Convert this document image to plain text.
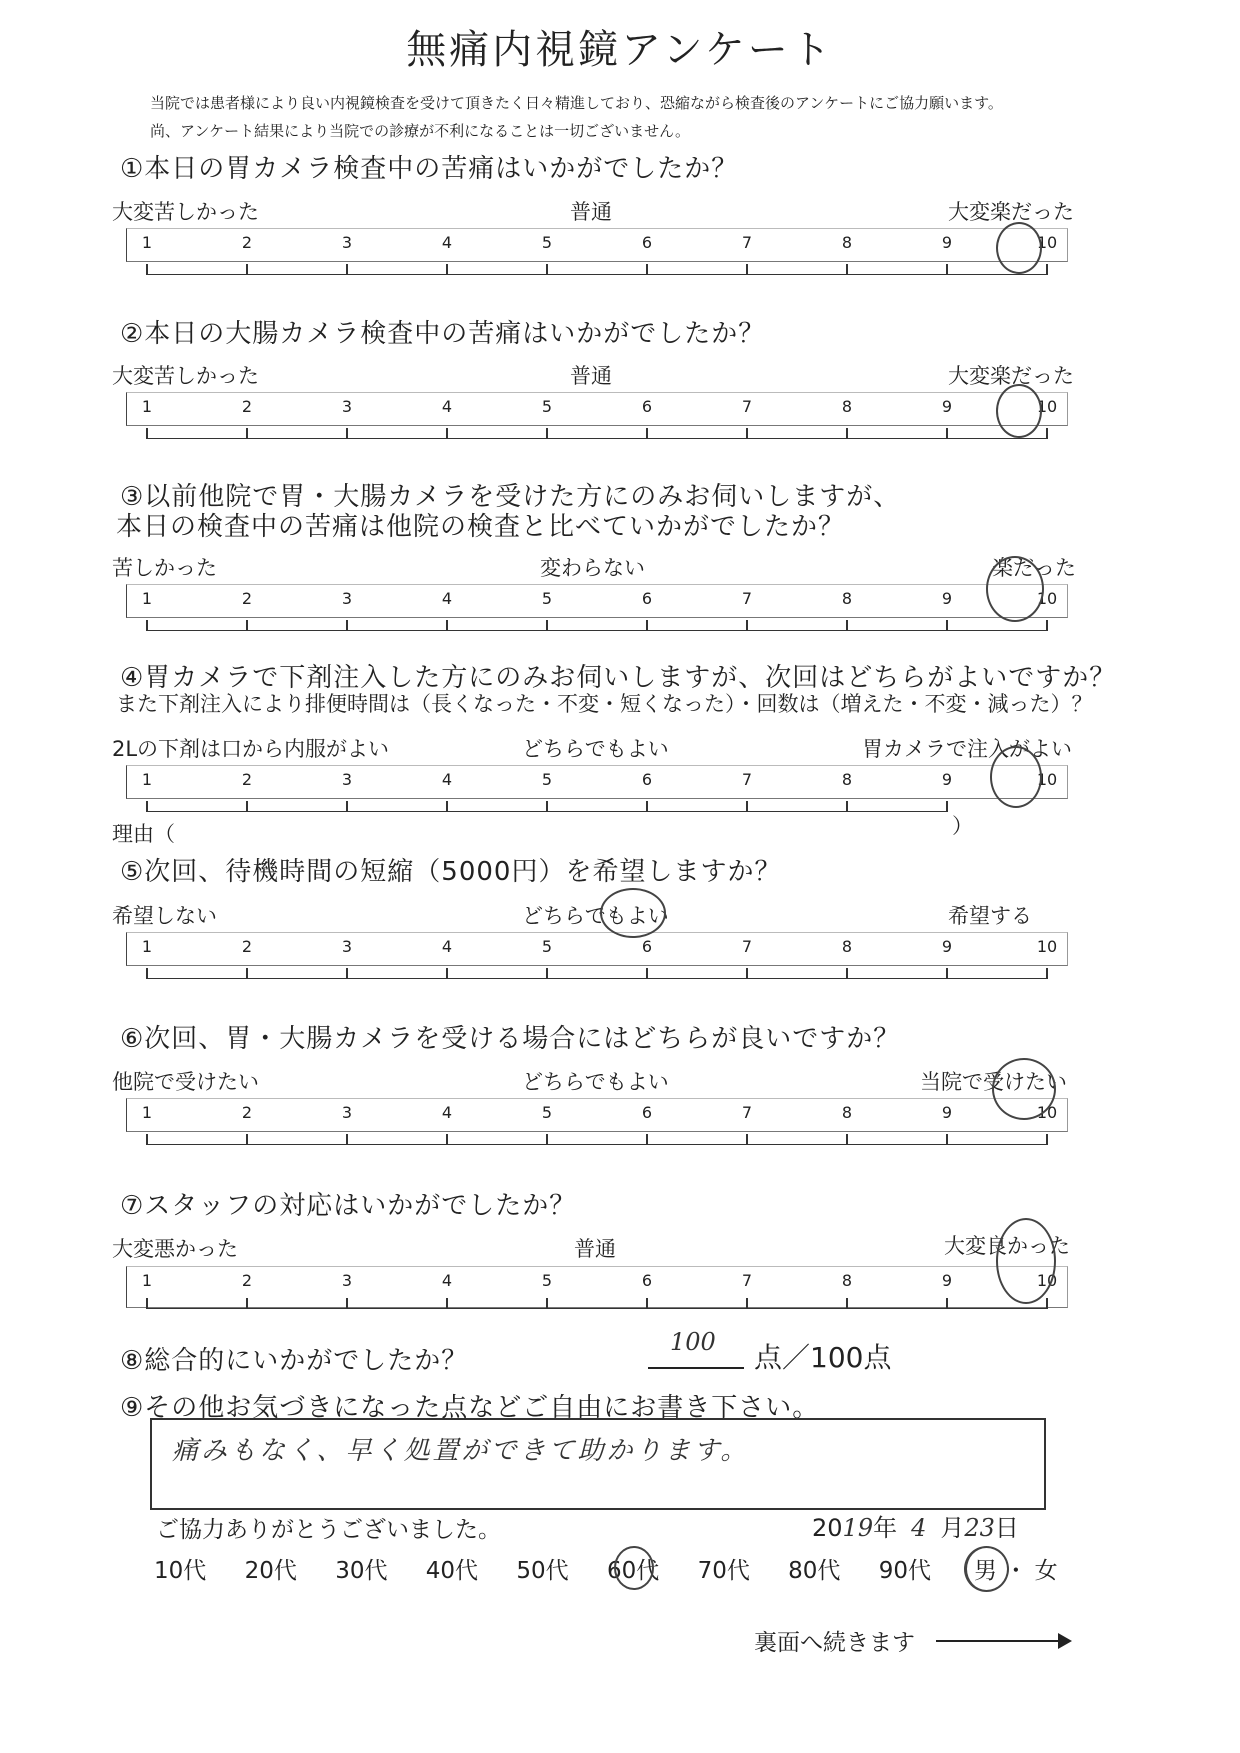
無痛内視鏡アンケート
当院では患者様により良い内視鏡検査を受けて頂きたく日々精進しており、恐縮ながら検査後のアンケートにご協力願います。
尚、アンケート結果により当院での診療が不利になることは一切ございません。
①本日の胃カメラ検査中の苦痛はいかがでしたか？
大変苦しかった	普通	大変楽だった
1	2	3	4	5	6	7	8	9	10
②本日の大腸カメラ検査中の苦痛はいかがでしたか？
大変苦しかった	普通	大変楽だった
1	2	3	4	5	6	7	8	9	10
③以前他院で胃・大腸カメラを受けた方にのみお伺いしますが、
本日の検査中の苦痛は他院の検査と比べていかがでしたか？
苦しかった	変わらない	楽だった
1	2	3	4	5	6	7	8	9	10
④胃カメラで下剤注入した方にのみお伺いしますが、次回はどちらがよいですか？
また下剤注入により排便時間は（長くなった・不変・短くなった）・回数は（増えた・不変・減った）？
2Lの下剤は口から内服がよい	どちらでもよい	胃カメラで注入がよい
1	2	3	4	5	6	7	8	9	10
理由（	）
⑤次回、待機時間の短縮（5000円）を希望しますか？
希望しない	どちらでもよい	希望する
1	2	3	4	5	6	7	8	9	10
⑥次回、胃・大腸カメラを受ける場合にはどちらが良いですか？
他院で受けたい	どちらでもよい	当院で受けたい
1	2	3	4	5	6	7	8	9	10
⑦スタッフの対応はいかがでしたか？
大変悪かった	普通	大変良かった
1	2	3	4	5	6	7	8	9	10
⑧総合的にいかがでしたか？
100 点／100点
⑨その他お気づきになった点などご自由にお書き下さい。
痛みもなく、早く処置ができて助かります。
ご協力ありがとうございました。	2019年 4 月23日
10代 20代 30代 40代 50代 60代 70代 80代 90代 男 ・ 女
裏面へ続きます
